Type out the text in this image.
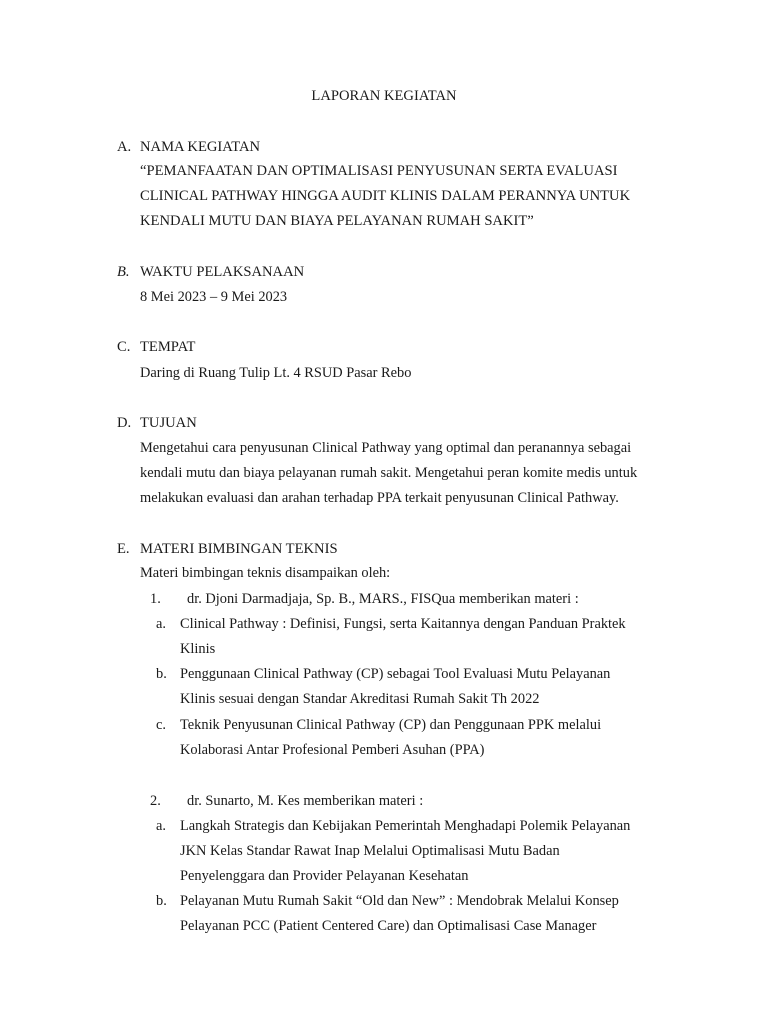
LAPORAN KEGIATAN
A. NAMA KEGIATAN
“PEMANFAATAN DAN OPTIMALISASI PENYUSUNAN SERTA EVALUASI
CLINICAL PATHWAY HINGGA AUDIT KLINIS DALAM PERANNYA UNTUK
KENDALI MUTU DAN BIAYA PELAYANAN RUMAH SAKIT”
B. WAKTU PELAKSANAAN
8 Mei 2023 – 9 Mei 2023
C. TEMPAT
Daring di Ruang Tulip Lt. 4 RSUD Pasar Rebo
D. TUJUAN
Mengetahui cara penyusunan Clinical Pathway yang optimal dan peranannya sebagai
kendali mutu dan biaya pelayanan rumah sakit. Mengetahui peran komite medis untuk
melakukan evaluasi dan arahan terhadap PPA terkait penyusunan Clinical Pathway.
E. MATERI BIMBINGAN TEKNIS
Materi bimbingan teknis disampaikan oleh:
1. dr. Djoni Darmadjaja, Sp. B., MARS., FISQua memberikan materi :
a. Clinical Pathway : Definisi, Fungsi, serta Kaitannya dengan Panduan Praktek
Klinis
b. Penggunaan Clinical Pathway (CP) sebagai Tool Evaluasi Mutu Pelayanan
Klinis sesuai dengan Standar Akreditasi Rumah Sakit Th 2022
c. Teknik Penyusunan Clinical Pathway (CP) dan Penggunaan PPK melalui
Kolaborasi Antar Profesional Pemberi Asuhan (PPA)
2. dr. Sunarto, M. Kes memberikan materi :
a. Langkah Strategis dan Kebijakan Pemerintah Menghadapi Polemik Pelayanan
JKN Kelas Standar Rawat Inap Melalui Optimalisasi Mutu Badan
Penyelenggara dan Provider Pelayanan Kesehatan
b. Pelayanan Mutu Rumah Sakit “Old dan New” : Mendobrak Melalui Konsep
Pelayanan PCC (Patient Centered Care) dan Optimalisasi Case Manager
